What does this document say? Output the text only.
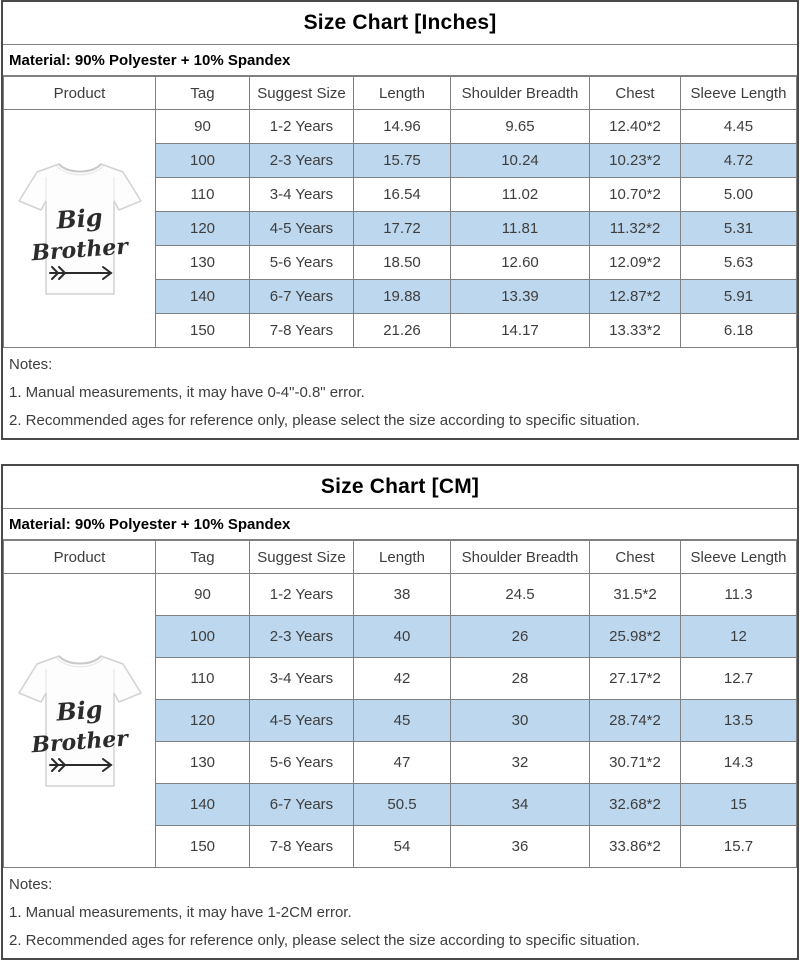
Size Chart [Inches]
Material: 90% Polyester + 10% Spandex
Product	Tag	Suggest Size	Length	Shoulder Breadth	Chest	Sleeve Length

Big
Brother	90	1-2 Years	14.96	9.65	12.40*2	4.45
	100	2-3 Years	15.75	10.24	10.23*2	4.72
	110	3-4 Years	16.54	11.02	10.70*2	5.00
	120	4-5 Years	17.72	11.81	11.32*2	5.31
	130	5-6 Years	18.50	12.60	12.09*2	5.63
	140	6-7 Years	19.88	13.39	12.87*2	5.91
	150	7-8 Years	21.26	14.17	13.33*2	6.18
Notes:
1. Manual measurements, it may have 0-4"-0.8" error.
2. Recommended ages for reference only, please select the size according to specific situation.
Size Chart [CM]
Material: 90% Polyester + 10% Spandex
Product	Tag	Suggest Size	Length	Shoulder Breadth	Chest	Sleeve Length

Big
Brother	90	1-2 Years	38	24.5	31.5*2	11.3
	100	2-3 Years	40	26	25.98*2	12
	110	3-4 Years	42	28	27.17*2	12.7
	120	4-5 Years	45	30	28.74*2	13.5
	130	5-6 Years	47	32	30.71*2	14.3
	140	6-7 Years	50.5	34	32.68*2	15
	150	7-8 Years	54	36	33.86*2	15.7
Notes:
1. Manual measurements, it may have 1-2CM error.
2. Recommended ages for reference only, please select the size according to specific situation.
